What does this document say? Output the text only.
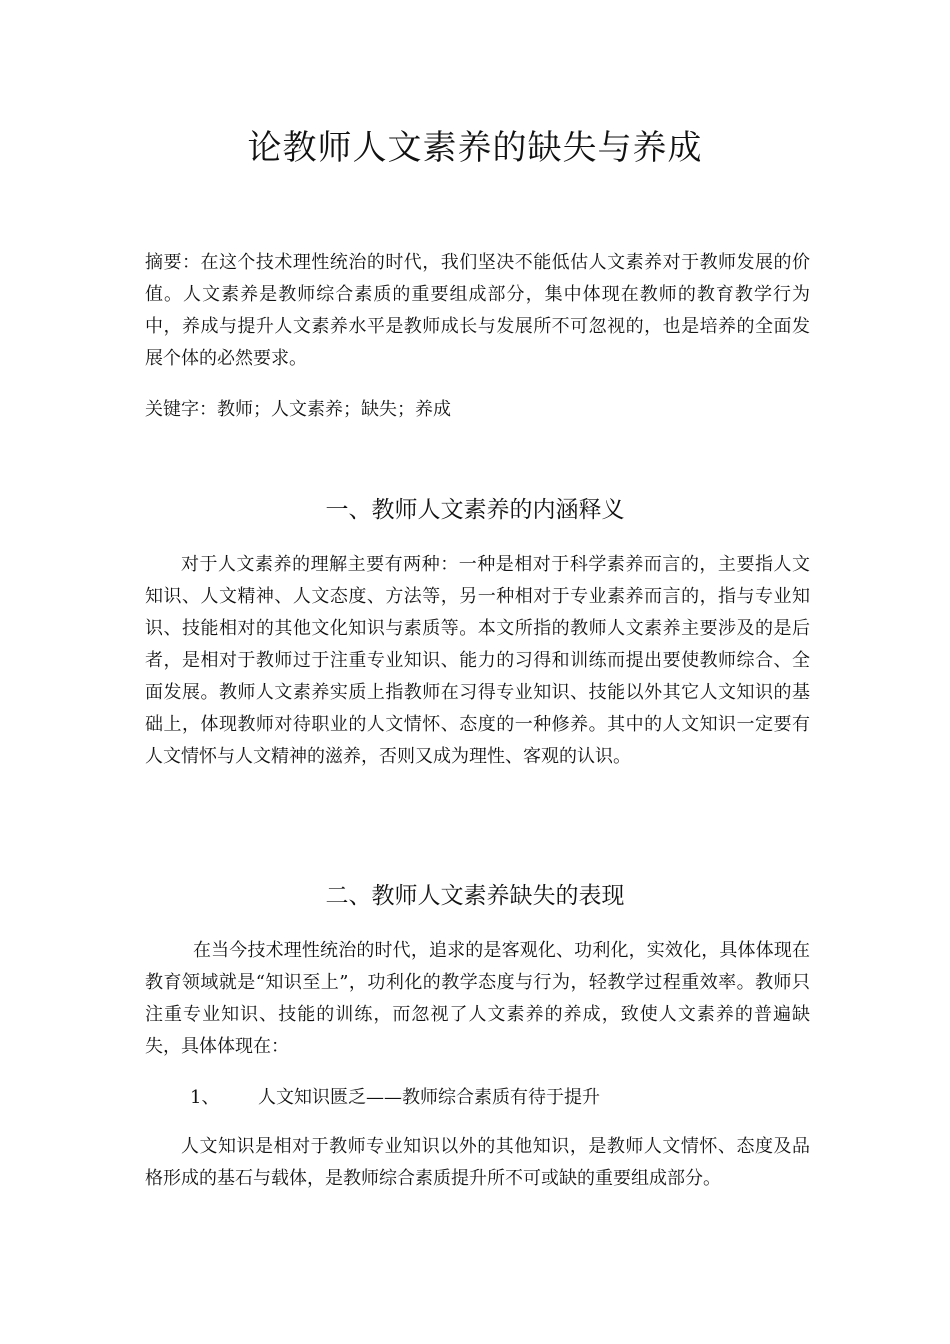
论教师人文素养的缺失与养成
摘要：在这个技术理性统治的时代，我们坚决不能低估人文素养对于教师发展的价值。人文素养是教师综合素质的重要组成部分，集中体现在教师的教育教学行为中，养成与提升人文素养水平是教师成长与发展所不可忽视的，也是培养的全面发展个体的必然要求。
关键字：教师；人文素养；缺失；养成
一、教师人文素养的内涵释义
对于人文素养的理解主要有两种：一种是相对于科学素养而言的，主要指人文知识、人文精神、人文态度、方法等，另一种相对于专业素养而言的，指与专业知识、技能相对的其他文化知识与素质等。本文所指的教师人文素养主要涉及的是后者，是相对于教师过于注重专业知识、能力的习得和训练而提出要使教师综合、全面发展。教师人文素养实质上指教师在习得专业知识、技能以外其它人文知识的基础上，体现教师对待职业的人文情怀、态度的一种修养。其中的人文知识一定要有人文情怀与人文精神的滋养，否则又成为理性、客观的认识。
二、教师人文素养缺失的表现
在当今技术理性统治的时代，追求的是客观化、功利化，实效化，具体体现在教育领域就是“知识至上”，功利化的教学态度与行为，轻教学过程重效率。教师只注重专业知识、技能的训练，而忽视了人文素养的养成，致使人文素养的普遍缺失，具体体现在：
1、 人文知识匮乏——教师综合素质有待于提升
人文知识是相对于教师专业知识以外的其他知识，是教师人文情怀、态度及品格形成的基石与载体，是教师综合素质提升所不可或缺的重要组成部分。
